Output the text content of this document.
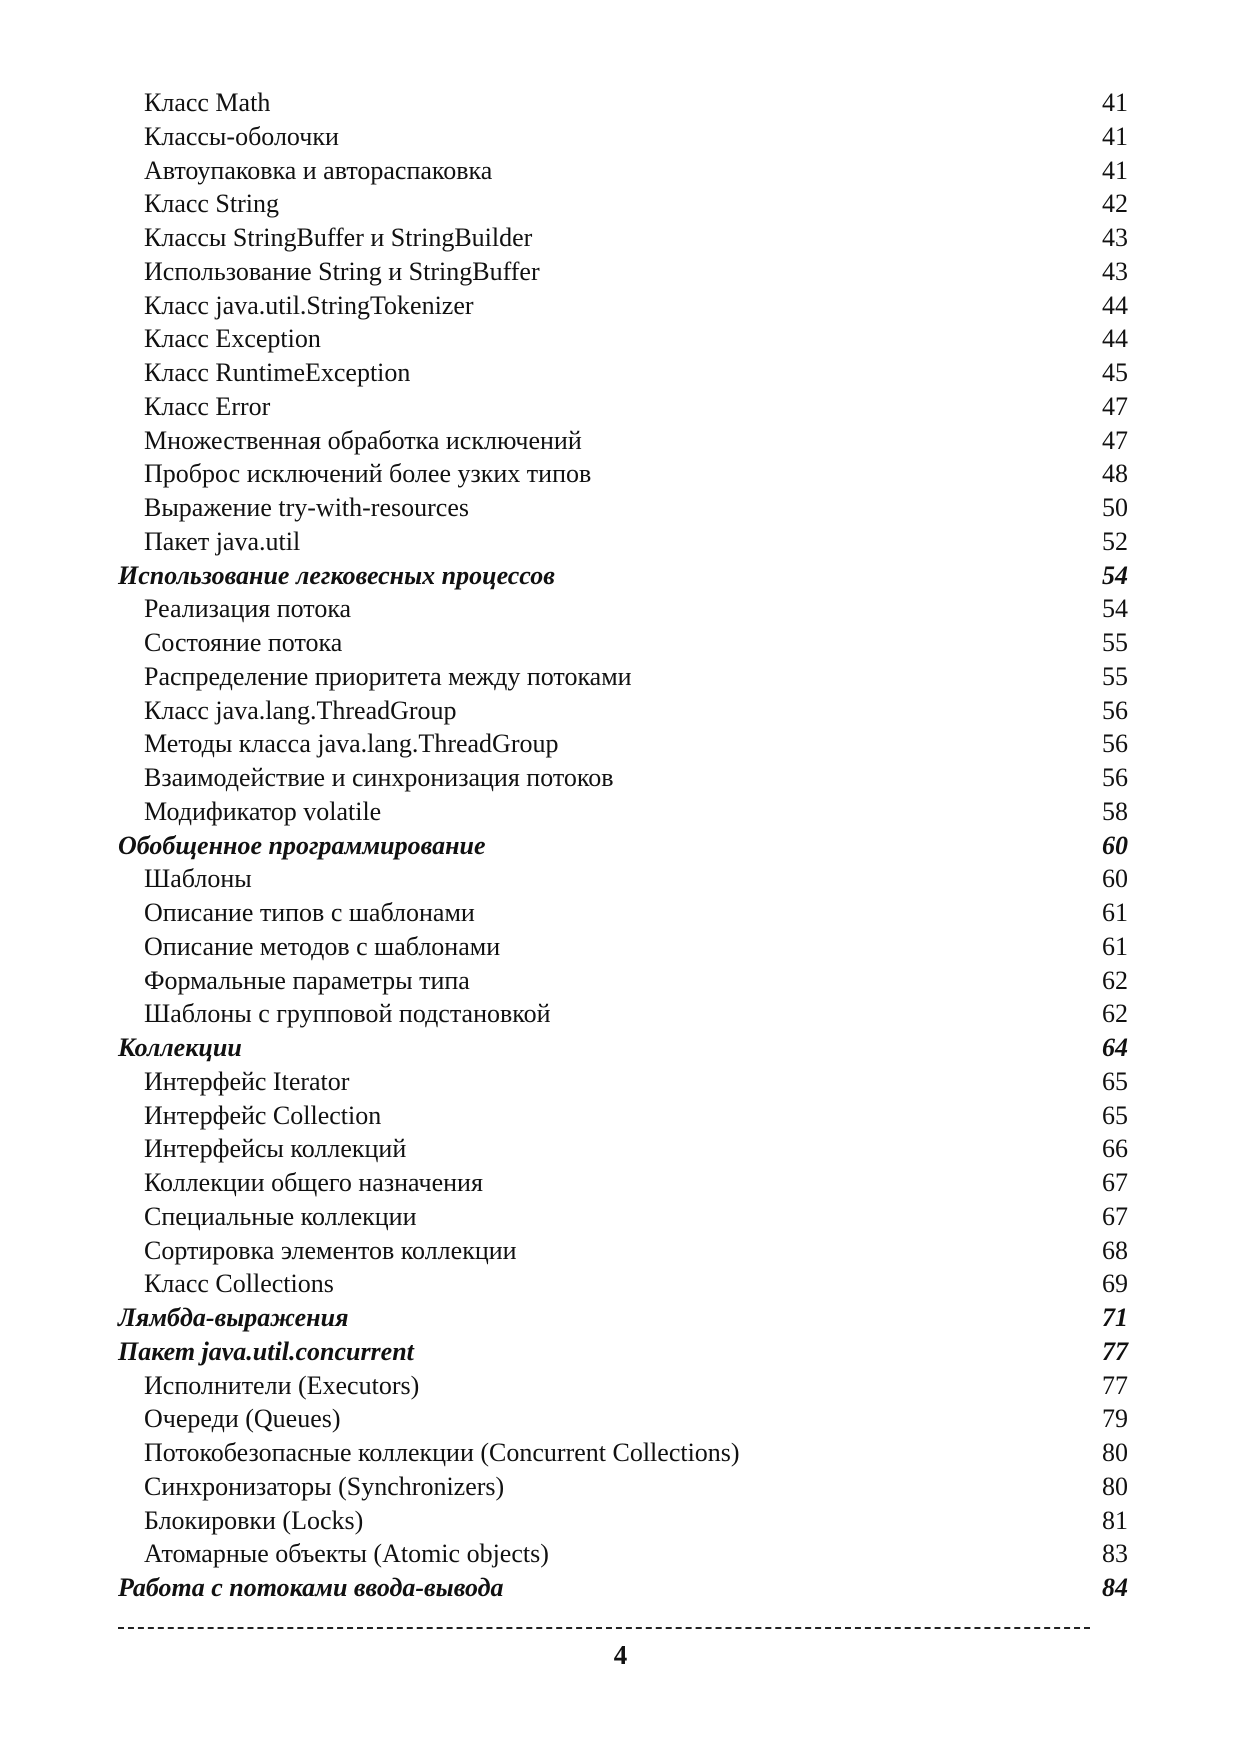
Класс Math	41
Классы-оболочки	41
Автоупаковка и автораспаковка	41
Класс String	42
Классы StringBuffer и StringBuilder	43
Использование String и StringBuffer	43
Класс java.util.StringTokenizer	44
Класс Exception	44
Класс RuntimeException	45
Класс Error	47
Множественная обработка исключений	47
Проброс исключений более узких типов	48
Выражение try-with-resources	50
Пакет java.util	52
Использование легковесных процессов	54
Реализация потока	54
Состояние потока	55
Распределение приоритета между потоками	55
Класс java.lang.ThreadGroup	56
Методы класса java.lang.ThreadGroup	56
Взаимодействие и синхронизация потоков	56
Модификатор volatile	58
Обобщенное программирование	60
Шаблоны	60
Описание типов с шаблонами	61
Описание методов с шаблонами	61
Формальные параметры типа	62
Шаблоны с групповой подстановкой	62
Коллекции	64
Интерфейс Iterator	65
Интерфейс Collection	65
Интерфейсы коллекций	66
Коллекции общего назначения	67
Специальные коллекции	67
Сортировка элементов коллекции	68
Класс Collections	69
Лямбда-выражения	71
Пакет java.util.concurrent	77
Исполнители (Executors)	77
Очереди (Queues)	79
Потокобезопасные коллекции (Concurrent Collections)	80
Синхронизаторы (Synchronizers)	80
Блокировки (Locks)	81
Атомарные объекты (Atomic objects)	83
Работа с потоками ввода-вывода	84
4
